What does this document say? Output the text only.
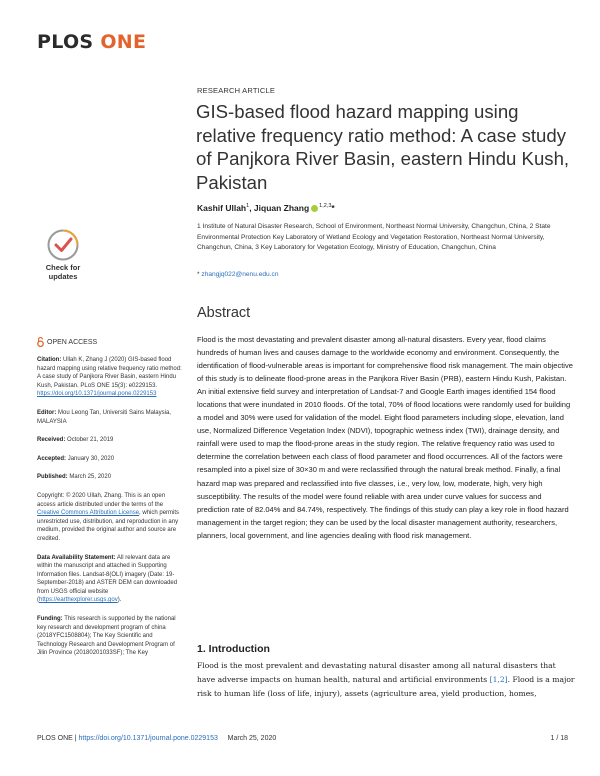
PLOS ONE
RESEARCH ARTICLE
GIS-based flood hazard mapping using relative frequency ratio method: A case study of Panjkora River Basin, eastern Hindu Kush, Pakistan
Kashif Ullah$^1$, Jiquan Zhang $^{1,2,3}$*
1 Institute of Natural Disaster Research, School of Environment, Northeast Normal University, Changchun, China, 2 State Environmental Protection Key Laboratory of Wetland Ecology and Vegetation Restoration, Northeast Normal University, Changchun, China, 3 Key Laboratory for Vegetation Ecology, Ministry of Education, Changchun, China
* zhangjq022@nenu.edu.cn
Check for
updates
OPEN ACCESS
Citation: Ullah K, Zhang J (2020) GIS-based flood hazard mapping using relative frequency ratio method: A case study of Panjkora River Basin, eastern Hindu Kush, Pakistan. PLoS ONE 15(3): e0229153. https://doi.org/10.1371/journal.pone.0229153
Editor: Mou Leong Tan, Universiti Sains Malaysia, MALAYSIA
Received: October 21, 2019
Accepted: January 30, 2020
Published: March 25, 2020
Copyright: © 2020 Ullah, Zhang. This is an open access article distributed under the terms of the Creative Commons Attribution License, which permits unrestricted use, distribution, and reproduction in any medium, provided the original author and source are credited.
Data Availability Statement: All relevant data are within the manuscript and attached in Supporting Information files. Landsat-8(OLI) imagery (Date: 19-September-2018) and ASTER DEM can downloaded from USGS official website (https://earthexplorer.usgs.gov).
Funding: This research is supported by the national key research and development program of china (2018YFC1508804); The Key Scientific and Technology Research and Development Program of Jilin Province (20180201033SF); The Key
Abstract
Flood is the most devastating and prevalent disaster among all-natural disasters. Every year, flood claims hundreds of human lives and causes damage to the worldwide economy and environment. Consequently, the identification of flood-vulnerable areas is important for comprehensive flood risk management. The main objective of this study is to delineate flood-prone areas in the Panjkora River Basin (PRB), eastern Hindu Kush, Pakistan. An initial extensive field survey and interpretation of Landsat-7 and Google Earth images identified 154 flood locations that were inundated in 2010 floods. Of the total, 70% of flood locations were randomly used for building a model and 30% were used for validation of the model. Eight flood parameters including slope, elevation, land use, Normalized Difference Vegetation Index (NDVI), topographic wetness index (TWI), drainage density, and rainfall were used to map the flood-prone areas in the study region. The relative frequency ratio was used to determine the correlation between each class of flood parameter and flood occurrences. All of the factors were resampled into a pixel size of 30×30 m and were reclassified through the natural break method. Finally, a final hazard map was prepared and reclassified into five classes, i.e., very low, low, moderate, high, very high susceptibility. The results of the model were found reliable with area under curve values for success and prediction rate of 82.04% and 84.74%, respectively. The findings of this study can play a key role in flood hazard management in the target region; they can be used by the local disaster management authority, researchers, planners, local government, and line agencies dealing with flood risk management.
1. Introduction
Flood is the most prevalent and devastating natural disaster among all natural disasters that have adverse impacts on human health, natural and artificial environments [1,2]. Flood is a major risk to human life (loss of life, injury), assets (agriculture area, yield production, homes,
PLOS ONE | https://doi.org/10.1371/journal.pone.0229153 March 25, 2020	1 / 18
